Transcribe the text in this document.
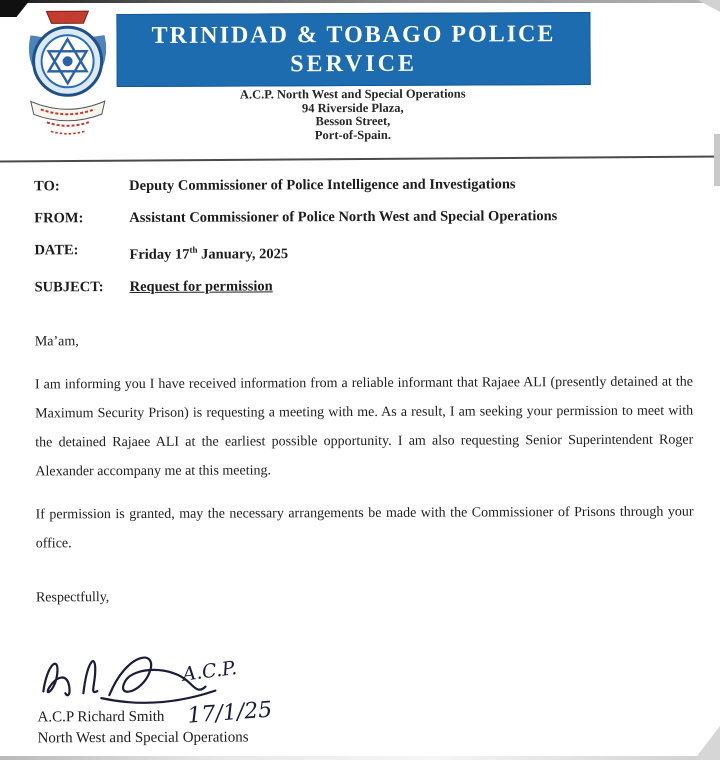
TRINIDAD & TOBAGO POLICE
SERVICE
A.C.P. North West and Special Operations
94 Riverside Plaza,
Besson Street,
Port-of-Spain.
TO:	Deputy Commissioner of Police Intelligence and Investigations
FROM:	Assistant Commissioner of Police North West and Special Operations
DATE:	Friday 17th January, 2025
SUBJECT:	Request for permission
Ma’am,

I am informing you I have received information from a reliable informant that Rajaee ALI (presently detained at the Maximum Security Prison) is requesting a meeting with me. As a result, I am seeking your permission to meet with the detained Rajaee ALI at the earliest possible opportunity. I am also requesting Senior Superintendent Roger Alexander accompany me at this meeting.

If permission is granted, may the necessary arrangements be made with the Commissioner of Prisons through your office.

Respectfully,
A.C.P.
A.C.P Richard Smith 17/1/25
North West and Special Operations
